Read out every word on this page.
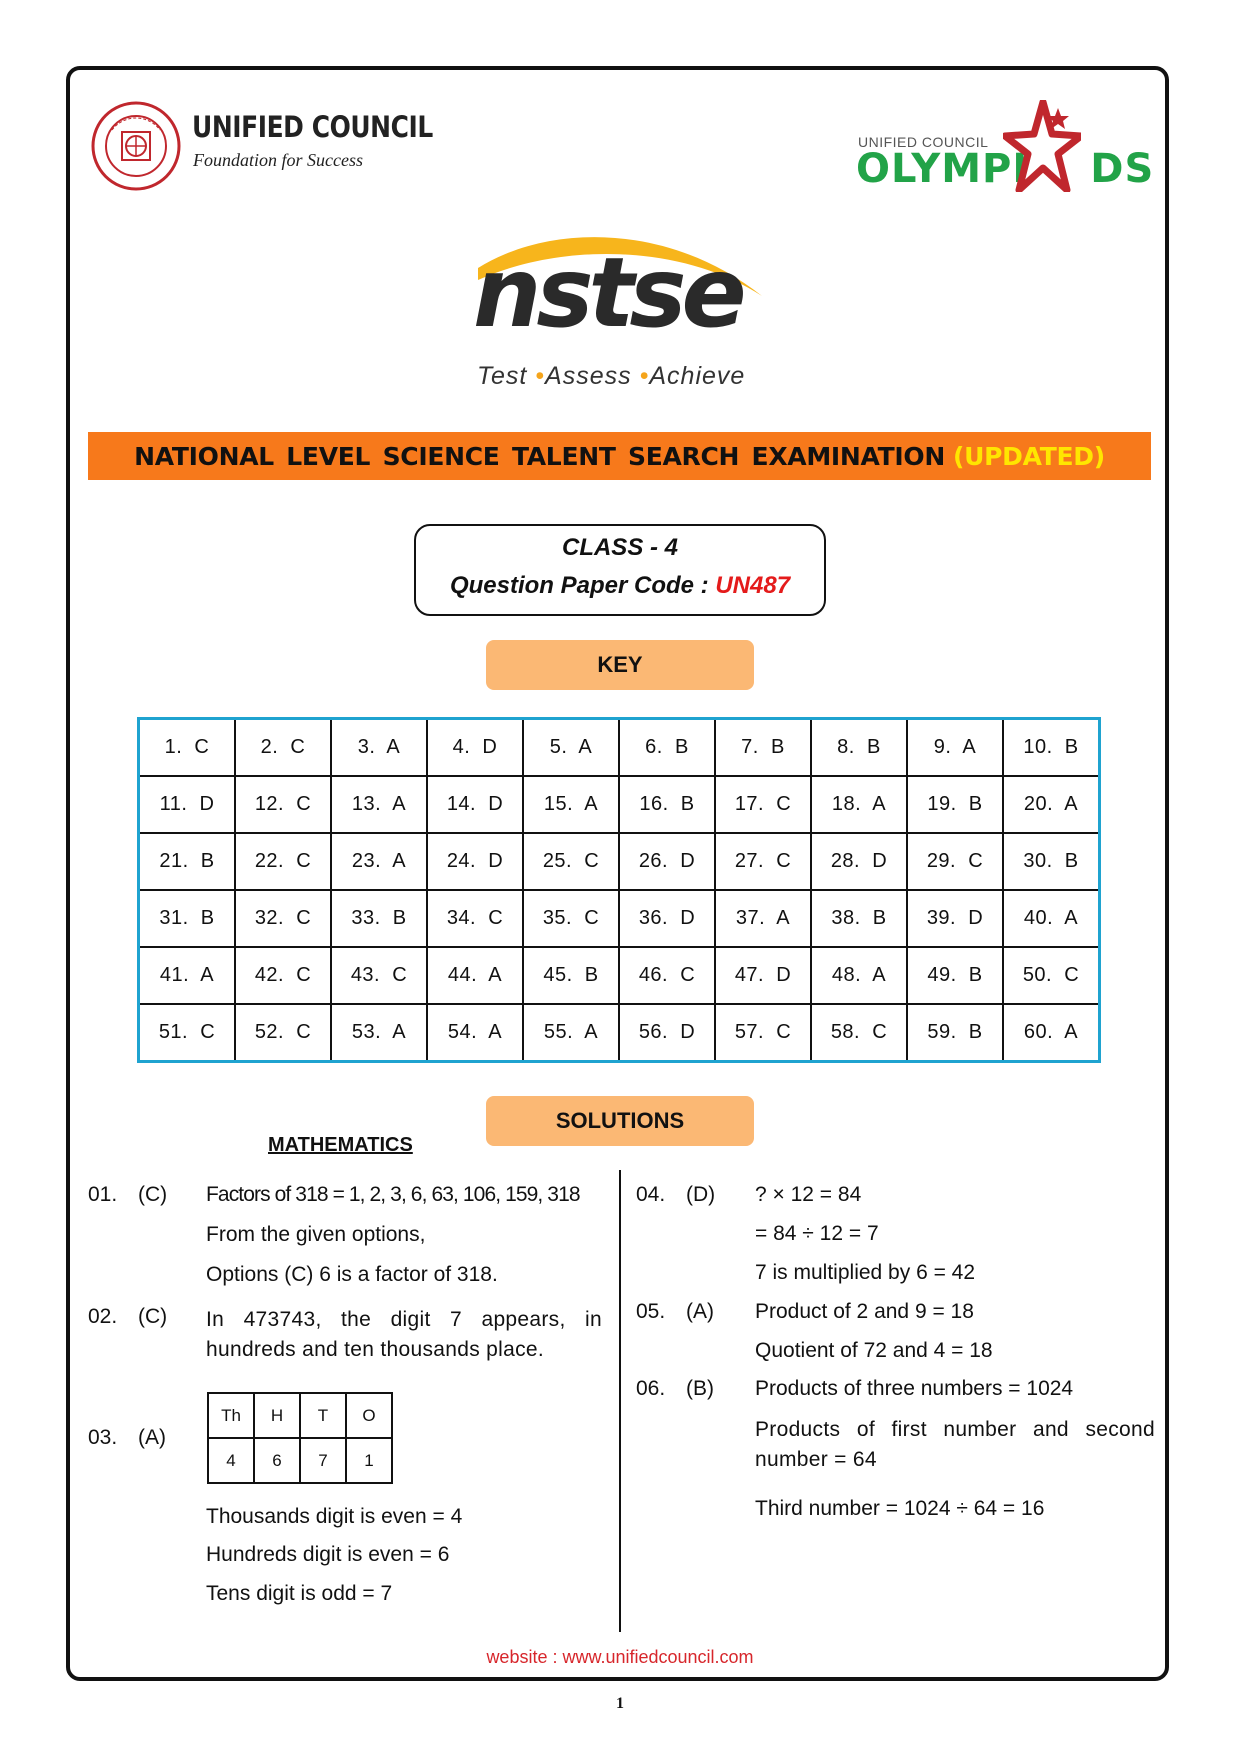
UNIFIED COUNCIL
Foundation for Success
UNIFIED COUNCIL
OLYMPI DS
nstse
Test •Assess •Achieve
NATIONAL LEVEL SCIENCE TALENT SEARCH EXAMINATION (UPDATED)
CLASS - 4
Question Paper Code : UN487
KEY
1.  C	2.  C	3.  A	4.  D	5.  A	6.  B	7.  B	8.  B	9.  A	10.  B
11.  D	12.  C	13.  A	14.  D	15.  A	16.  B	17.  C	18.  A	19.  B	20.  A
21.  B	22.  C	23.  A	24.  D	25.  C	26.  D	27.  C	28.  D	29.  C	30.  B
31.  B	32.  C	33.  B	34.  C	35.  C	36.  D	37.  A	38.  B	39.  D	40.  A
41.  A	42.  C	43.  C	44.  A	45.  B	46.  C	47.  D	48.  A	49.  B	50.  C
51.  C	52.  C	53.  A	54.  A	55.  A	56.  D	57.  C	58.  C	59.  B	60.  A
SOLUTIONS
MATHEMATICS
01. (C) Factors of 318 = 1, 2, 3, 6, 63, 106, 159, 318
From the given options,
Options (C) 6 is a factor of 318.
02. (C) In 473743, the digit 7 appears, in hundreds and ten thousands place.
03. (A)
Th	H	T	O
4	6	7	1
Thousands digit is even = 4
Hundreds digit is even = 6
Tens digit is odd = 7
04. (D) ? × 12 = 84
= 84 ÷ 12 = 7
7 is multiplied by 6 = 42
05. (A) Product of 2 and 9 = 18
Quotient of 72 and 4 = 18
06. (B) Products of three numbers = 1024
Products of first number and second number = 64
Third number = 1024 ÷ 64 = 16
website : www.unifiedcouncil.com
1
